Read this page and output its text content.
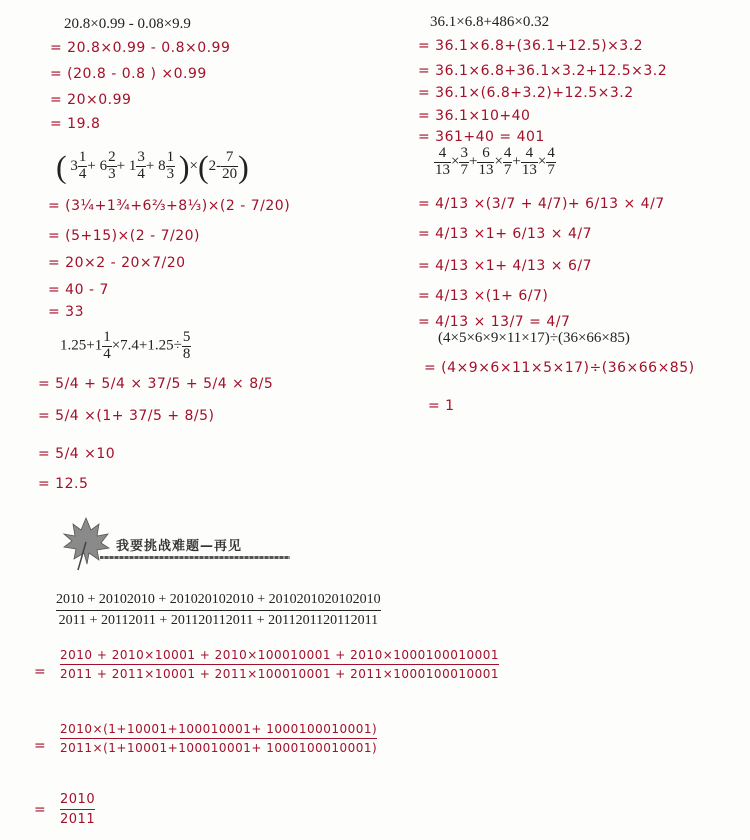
20.8×0.99 - 0.08×9.9
= 20.8×0.99 - 0.8×0.99
= (20.8 - 0.8 ) ×0.99
= 20×0.99
= 19.8
( $3 \frac{1}{4} + 6 \frac{2}{3} + 1 \frac{3}{4} + 8 \frac{1}{3} )\times(2- \frac{7}{20}$ )
= (3¼+1¾+6⅔+8⅓)×(2 - 7/20)
= (5+15)×(2 - 7/20)
= 20×2 - 20×7/20
= 40 - 7
= 33
$1.25+1 \frac{1}{4} \times 7.4+1.25\div \frac{5}{8}$
= 5/4 + 5/4 × 37/5 + 5/4 × 8/5
= 5/4 ×(1+ 37/5 + 8/5)
= 5/4 ×10
= 12.5
36.1×6.8+486×0.32
= 36.1×6.8+(36.1+12.5)×3.2
= 36.1×6.8+36.1×3.2+12.5×3.2
= 36.1×(6.8+3.2)+12.5×3.2
= 36.1×10+40
= 361+40 = 401
$\frac{4}{13} \times \frac{3}{7} + \frac{6}{13} \times \frac{4}{7} + \frac{4}{13} \times \frac{4}{7}$
= 4/13 ×(3/7 + 4/7)+ 6/13 × 4/7
= 4/13 ×1+ 6/13 × 4/7
= 4/13 ×1+ 4/13 × 6/7
= 4/13 ×(1+ 6/7)
= 4/13 × 13/7 = 4/7
(4×5×6×9×11×17)÷(36×66×85)
= (4×9×6×11×5×17)÷(36×66×85)
= 1
我要挑战难题—再见
$\frac{2010 + 20102010 + 201020102010 + 2010201020102010}{2011 + 20112011 + 201120112011 + 2011201120112011}$
= $\frac{2010 + 2010\times 10001 + 2010\times 100010001 + 2010\times 1000100010001}{2011 + 2011\times 10001 + 2011\times 100010001 + 2011\times 1000100010001}$
= $\frac{2010\times(1+10001+100010001+ 1000100010001)}{2011\times(1+10001+100010001+ 1000100010001)}$
= $\frac{2010}{2011}$
